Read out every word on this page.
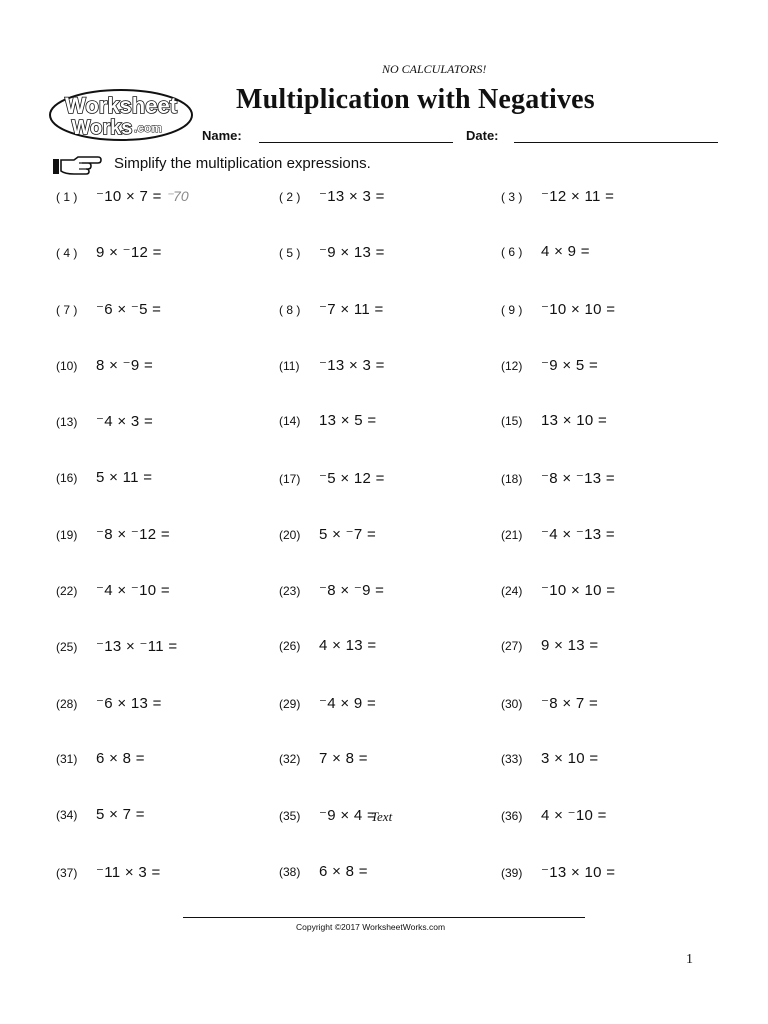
NO CALCULATORS!
Worksheet
Works .com
Multiplication with Negatives
Name:	Date:
Simplify the multiplication expressions.
( 1 ) ⁻10 × 7 = ⁻70	( 2 ) ⁻13 × 3 =	( 3 ) ⁻12 × 11 =
( 4 ) 9 × ⁻12 =	( 5 ) ⁻9 × 13 =	( 6 ) 4 × 9 =
( 7 ) ⁻6 × ⁻5 =	( 8 ) ⁻7 × 11 =	( 9 ) ⁻10 × 10 =
(10) 8 × ⁻9 =	(11) ⁻13 × 3 =	(12) ⁻9 × 5 =
(13) ⁻4 × 3 =	(14) 13 × 5 =	(15) 13 × 10 =
(16) 5 × 11 =	(17) ⁻5 × 12 =	(18) ⁻8 × ⁻13 =
(19) ⁻8 × ⁻12 =	(20) 5 × ⁻7 =	(21) ⁻4 × ⁻13 =
(22) ⁻4 × ⁻10 =	(23) ⁻8 × ⁻9 =	(24) ⁻10 × 10 =
(25) ⁻13 × ⁻11 =	(26) 4 × 13 =	(27) 9 × 13 =
(28) ⁻6 × 13 =	(29) ⁻4 × 9 =	(30) ⁻8 × 7 =
(31) 6 × 8 =	(32) 7 × 8 =	(33) 3 × 10 =
(34) 5 × 7 =	(35) ⁻9 × 4 =	(36) 4 × ⁻10 =
(37) ⁻11 × 3 =	(38) 6 × 8 =	(39) ⁻13 × 10 =
Text
Copyright ©2017 WorksheetWorks.com
1
